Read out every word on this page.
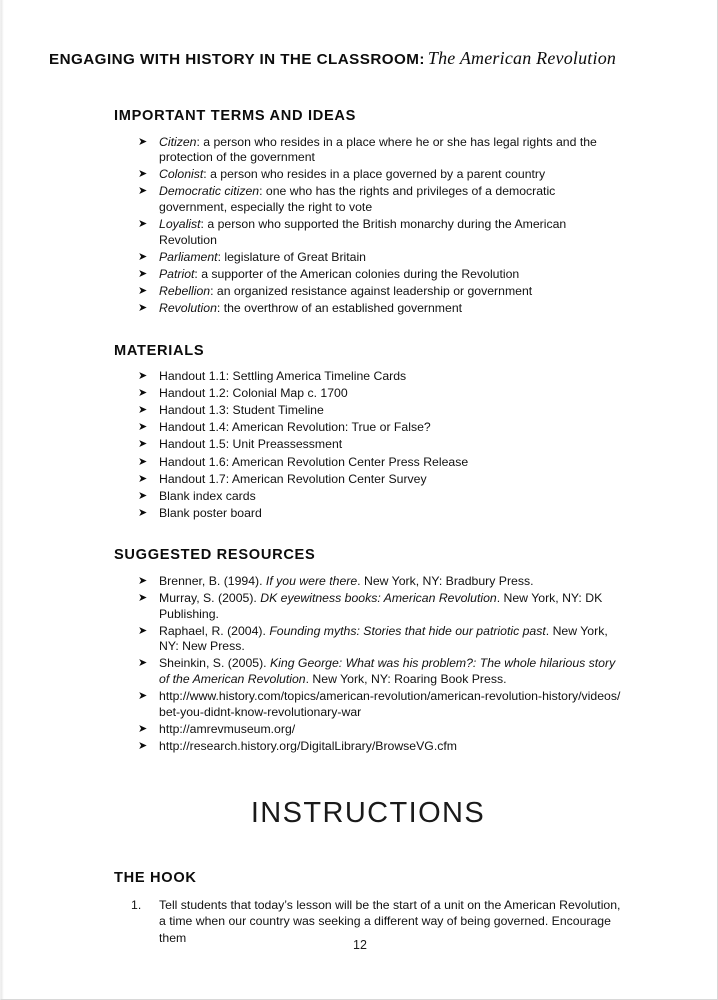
ENGAGING WITH HISTORY IN THE CLASSROOM: The American Revolution
IMPORTANT TERMS AND IDEAS
➤ Citizen: a person who resides in a place where he or she has legal rights and the protection of the government
➤ Colonist: a person who resides in a place governed by a parent country
➤ Democratic citizen: one who has the rights and privileges of a democratic government, especially the right to vote
➤ Loyalist: a person who supported the British monarchy during the American Revolution
➤ Parliament: legislature of Great Britain
➤ Patriot: a supporter of the American colonies during the Revolution
➤ Rebellion: an organized resistance against leadership or government
➤ Revolution: the overthrow of an established government
MATERIALS
➤ Handout 1.1: Settling America Timeline Cards
➤ Handout 1.2: Colonial Map c. 1700
➤ Handout 1.3: Student Timeline
➤ Handout 1.4: American Revolution: True or False?
➤ Handout 1.5: Unit Preassessment
➤ Handout 1.6: American Revolution Center Press Release
➤ Handout 1.7: American Revolution Center Survey
➤ Blank index cards
➤ Blank poster board
SUGGESTED RESOURCES
➤ Brenner, B. (1994). If you were there. New York, NY: Bradbury Press.
➤ Murray, S. (2005). DK eyewitness books: American Revolution. New York, NY: DK Publishing.
➤ Raphael, R. (2004). Founding myths: Stories that hide our patriotic past. New York, NY: New Press.
➤ Sheinkin, S. (2005). King George: What was his problem?: The whole hilarious story of the American Revolution. New York, NY: Roaring Book Press.
➤ http://www.history.com/topics/american-revolution/american-revolution-history/videos/bet-you-didnt-know-revolutionary-war
➤ http://amrevmuseum.org/
➤ http://research.history.org/DigitalLibrary/BrowseVG.cfm
INSTRUCTIONS
THE HOOK
1. Tell students that today’s lesson will be the start of a unit on the American Revolution, a time when our country was seeking a different way of being governed. Encourage them
12
